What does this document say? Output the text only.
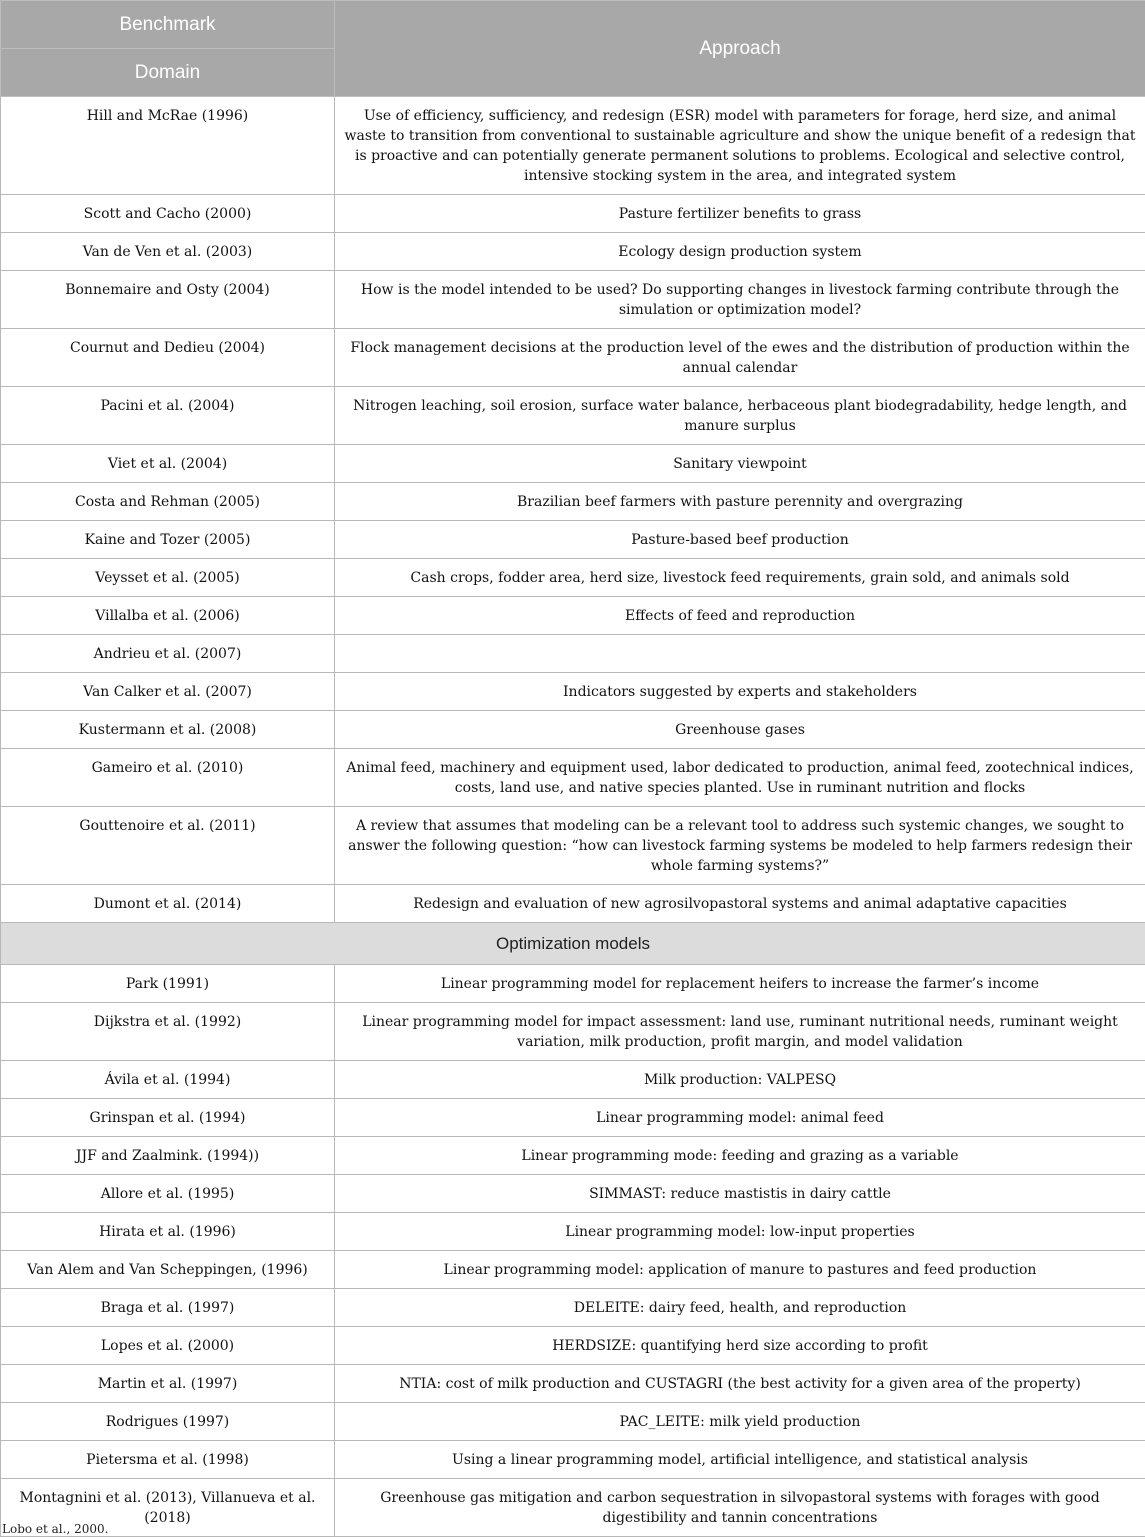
Benchmark	Approach
Domain	
Hill and McRae (1996)	Use of efficiency, sufficiency, and redesign (ESR) model with parameters for forage, herd size, and animal waste to transition from conventional to sustainable agriculture and show the unique benefit of a redesign that is proactive and can potentially generate permanent solutions to problems. Ecological and selective control, intensive stocking system in the area, and integrated system
Scott and Cacho (2000)	Pasture fertilizer benefits to grass
Van de Ven et al. (2003)	Ecology design production system
Bonnemaire and Osty (2004)	How is the model intended to be used? Do supporting changes in livestock farming contribute through the simulation or optimization model?
Cournut and Dedieu (2004)	Flock management decisions at the production level of the ewes and the distribution of production within the annual calendar
Pacini et al. (2004)	Nitrogen leaching, soil erosion, surface water balance, herbaceous plant biodegradability, hedge length, and manure surplus
Viet et al. (2004)	Sanitary viewpoint
Costa and Rehman (2005)	Brazilian beef farmers with pasture perennity and overgrazing
Kaine and Tozer (2005)	Pasture-based beef production
Veysset et al. (2005)	Cash crops, fodder area, herd size, livestock feed requirements, grain sold, and animals sold
Villalba et al. (2006)	Effects of feed and reproduction
Andrieu et al. (2007)	
Van Calker et al. (2007)	Indicators suggested by experts and stakeholders
Kustermann et al. (2008)	Greenhouse gases
Gameiro et al. (2010)	Animal feed, machinery and equipment used, labor dedicated to production, animal feed, zootechnical indices, costs, land use, and native species planted. Use in ruminant nutrition and flocks
Gouttenoire et al. (2011)	A review that assumes that modeling can be a relevant tool to address such systemic changes, we sought to answer the following question: “how can livestock farming systems be modeled to help farmers redesign their whole farming systems?”
Dumont et al. (2014)	Redesign and evaluation of new agrosilvopastoral systems and animal adaptative capacities
Optimization models	
Park (1991)	Linear programming model for replacement heifers to increase the farmer’s income
Dijkstra et al. (1992)	Linear programming model for impact assessment: land use, ruminant nutritional needs, ruminant weight variation, milk production, profit margin, and model validation
Ávila et al. (1994)	Milk production: VALPESQ
Grinspan et al. (1994)	Linear programming model: animal feed
JJF and Zaalmink. (1994))	Linear programming mode: feeding and grazing as a variable
Allore et al. (1995)	SIMMAST: reduce mastistis in dairy cattle
Hirata et al. (1996)	Linear programming model: low-input properties
Van Alem and Van Scheppingen, (1996)	Linear programming model: application of manure to pastures and feed production
Braga et al. (1997)	DELEITE: dairy feed, health, and reproduction
Lopes et al. (2000)	HERDSIZE: quantifying herd size according to profit
Martin et al. (1997)	NTIA: cost of milk production and CUSTAGRI (the best activity for a given area of the property)
Rodrigues (1997)	PAC_LEITE: milk yield production
Pietersma et al. (1998)	Using a linear programming model, artificial intelligence, and statistical analysis
Montagnini et al. (2013), Villanueva et al. (2018)	Greenhouse gas mitigation and carbon sequestration in silvopastoral systems with forages with good digestibility and tannin concentrations
Lobo et al., 2000.
